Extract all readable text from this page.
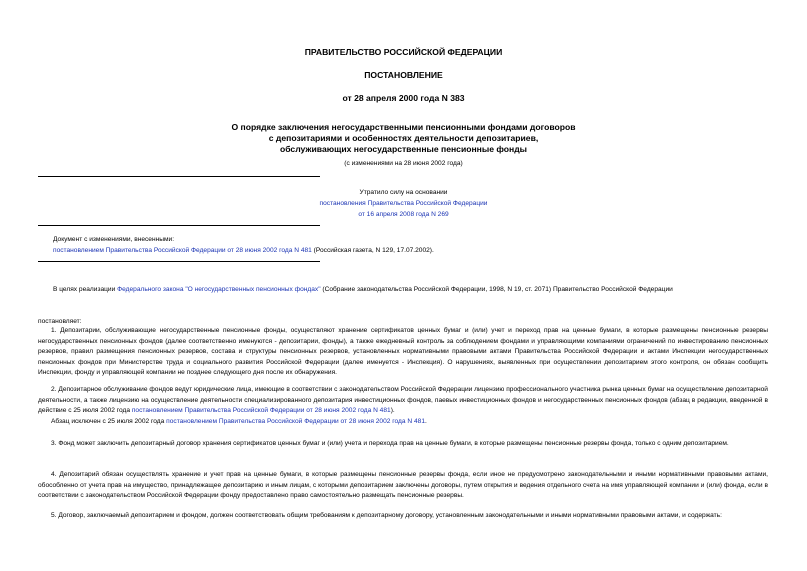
ПРАВИТЕЛЬСТВО РОССИЙСКОЙ ФЕДЕРАЦИИ
ПОСТАНОВЛЕНИЕ
от 28 апреля 2000 года N 383
О порядке заключения негосударственными пенсионными фондами договоров
с депозитариями и особенностях деятельности депозитариев,
обслуживающих негосударственные пенсионные фонды
(с изменениями на 28 июня 2002 года)
Утратило силу на основании
постановления Правительства Российской Федерации
от 16 апреля 2008 года N 269
Документ с изменениями, внесенными:
постановлением Правительства Российской Федерации от 28 июня 2002 года N 481 (Российская газета, N 129, 17.07.2002).
В целях реализации Федерального закона "О негосударственных пенсионных фондах" (Собрание законодательства Российской Федерации, 1998, N 19, ст. 2071) Правительство Российской Федерации
постановляет:
1. Депозитарии, обслуживающие негосударственные пенсионные фонды, осуществляют хранение сертификатов ценных бумаг и (или) учет и переход прав на ценные бумаги, в которые размещены пенсионные резервы негосударственных пенсионных фондов (далее соответственно именуются - депозитарии, фонды), а также ежедневный контроль за соблюдением фондами и управляющими компаниями ограничений по инвестированию пенсионных резервов, правил размещения пенсионных резервов, состава и структуры пенсионных резервов, установленных нормативными правовыми актами Правительства Российской Федерации и актами Инспекции негосударственных пенсионных фондов при Министерстве труда и социального развития Российской Федерации (далее именуется - Инспекция). О нарушениях, выявленных при осуществлении депозитарием этого контроля, он обязан сообщить Инспекции, фонду и управляющей компании не позднее следующего дня после их обнаружения.
2. Депозитарное обслуживание фондов ведут юридические лица, имеющие в соответствии с законодательством Российской Федерации лицензию профессионального участника рынка ценных бумаг на осуществление депозитарной деятельности, а также лицензию на осуществление деятельности специализированного депозитария инвестиционных фондов, паевых инвестиционных фондов и негосударственных пенсионных фондов (абзац в редакции, введенной в действие с 25 июля 2002 года постановлением Правительства Российской Федерации от 28 июня 2002 года N 481).
Абзац исключен с 25 июля 2002 года постановлением Правительства Российской Федерации от 28 июня 2002 года N 481.
3. Фонд может заключить депозитарный договор хранения сертификатов ценных бумаг и (или) учета и перехода прав на ценные бумаги, в которые размещены пенсионные резервы фонда, только с одним депозитарием.
4. Депозитарий обязан осуществлять хранение и учет прав на ценные бумаги, в которые размещены пенсионные резервы фонда, если иное не предусмотрено законодательными и иными нормативными правовыми актами, обособленно от учета прав на имущество, принадлежащее депозитарию и иным лицам, с которыми депозитарием заключены договоры, путем открытия и ведения отдельного счета на имя управляющей компании и (или) фонда, если в соответствии с законодательством Российской Федерации фонду предоставлено право самостоятельно размещать пенсионные резервы.
5. Договор, заключаемый депозитарием и фондом, должен соответствовать общим требованиям к депозитарному договору, установленным законодательными и иными нормативными правовыми актами, и содержать:
